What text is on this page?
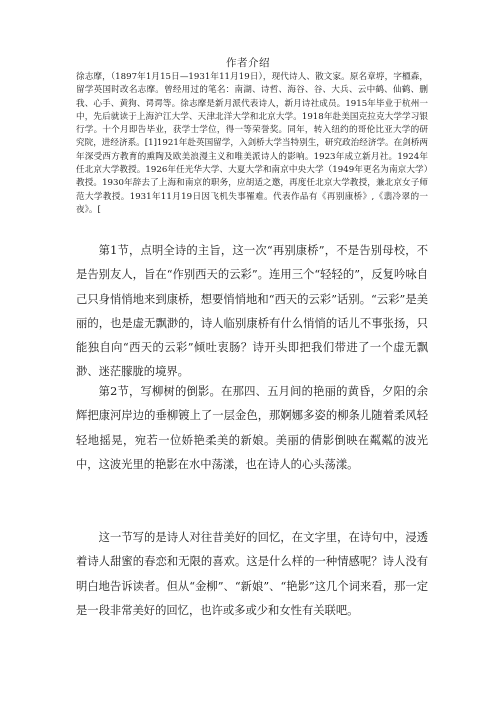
作者介绍

徐志摩，（1897年1月15日—1931年11月19日），现代诗人、散文家。原名章垿，字槱森，留学英国时改名志摩。曾经用过的笔名：南湖、诗哲、海谷、谷、大兵、云中鹤、仙鹤、删我、心手、黄狗、谔谔等。徐志摩是新月派代表诗人，新月诗社成员。1915年毕业于杭州一中，先后就读于上海沪江大学、天津北洋大学和北京大学。1918年赴美国克拉克大学学习银行学。十个月即告毕业，获学士学位，得一等荣誉奖。同年，转入纽约的哥伦比亚大学的研究院，进经济系。[1]1921年赴英国留学，入剑桥大学当特别生，研究政治经济学。在剑桥两年深受西方教育的熏陶及欧美浪漫主义和唯美派诗人的影响。1923年成立新月社。1924年任北京大学教授。1926年任光华大学、大夏大学和南京中央大学（1949年更名为南京大学）教授。1930年辞去了上海和南京的职务，应胡适之邀，再度任北京大学教授，兼北京女子师范大学教授。1931年11月19日因飞机失事罹难。代表作品有《再别康桥》,《翡冷翠的一夜》。[

第1节，点明全诗的主旨，这一次“再别康桥”，不是告别母校，不是告别友人，旨在“作别西天的云彩”。连用三个“轻轻的”，反复吟咏自己只身悄悄地来到康桥，想要悄悄地和“西天的云彩”话别。“云彩”是美丽的，也是虚无飘渺的，诗人临别康桥有什么悄悄的话儿不事张扬，只能独自向“西天的云彩”倾吐衷肠？诗开头即把我们带进了一个虚无飘渺、迷茫朦胧的境界。

第2节，写柳树的倒影。在那四、五月间的艳丽的黄昏，夕阳的余辉把康河岸边的垂柳镀上了一层金色，那婀娜多姿的柳条儿随着柔风轻轻地摇晃，宛若一位娇艳柔美的新娘。美丽的倩影倒映在粼粼的波光中，这波光里的艳影在水中荡漾，也在诗人的心头荡漾。

这一节写的是诗人对往昔美好的回忆，在文字里，在诗句中，浸透着诗人甜蜜的春恋和无限的喜欢。这是什么样的一种情感呢？诗人没有明白地告诉读者。但从“金柳”、“新娘”、“艳影”这几个词来看，那一定是一段非常美好的回忆，也许或多或少和女性有关联吧。
